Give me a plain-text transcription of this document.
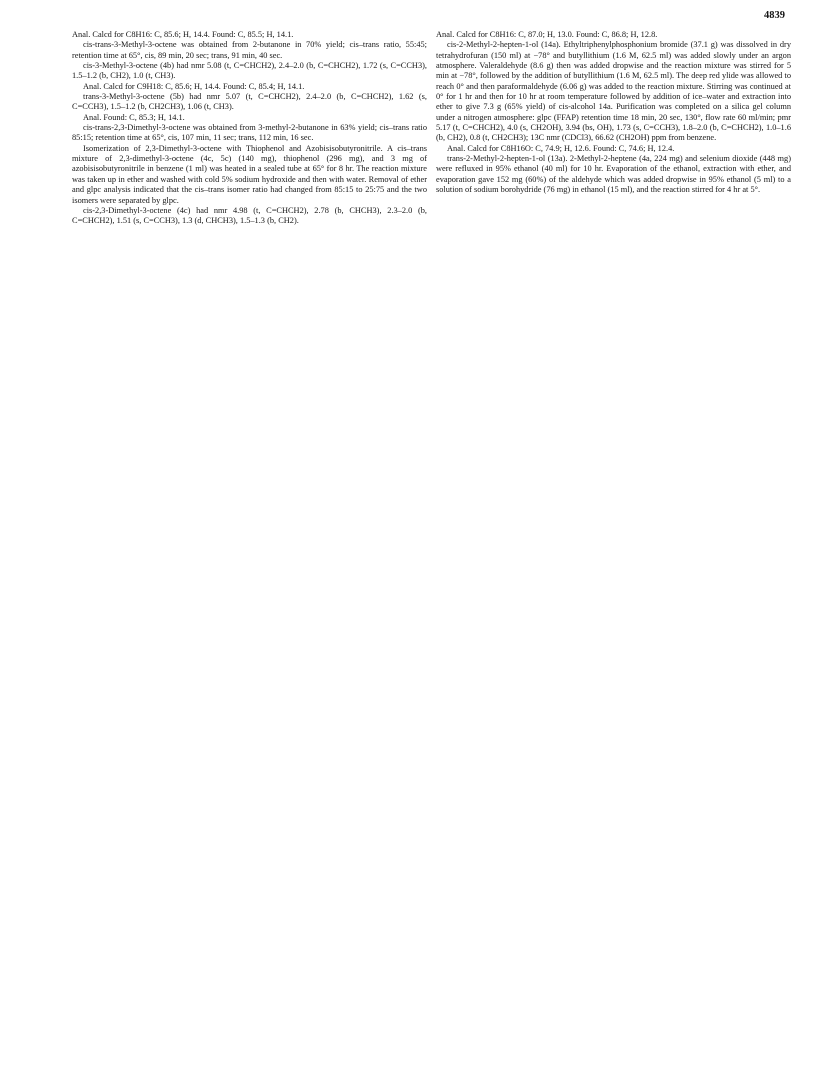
4839

Anal. Calcd for C8H16: C, 85.6; H, 14.4. Found: C, 85.5; H, 14.1.

cis-trans-3-Methyl-3-octene was obtained from 2-butanone in 70% yield; cis–trans ratio, 55:45; retention time at 65°, cis, 89 min, 20 sec; trans, 91 min, 40 sec.

cis-3-Methyl-3-octene (4b) had nmr 5.08 (t, C=CHCH2), 2.4–2.0 (b, C=CHCH2), 1.72 (s, C=CCH3), 1.5–1.2 (b, CH2), 1.0 (t, CH3).

Anal. Calcd for C9H18: C, 85.6; H, 14.4. Found: C, 85.4; H, 14.1.

trans-3-Methyl-3-octene (5b) had nmr 5.07 (t, C=CHCH2), 2.4–2.0 (b, C=CHCH2), 1.62 (s, C=CCH3), 1.5–1.2 (b, CH2CH3), 1.06 (t, CH3).

Anal. Found: C, 85.3; H, 14.1.

cis-trans-2,3-Dimethyl-3-octene was obtained from 3-methyl-2-butanone in 63% yield; cis–trans ratio 85:15; retention time at 65°, cis, 107 min, 11 sec; trans, 112 min, 16 sec.

Isomerization of 2,3-Dimethyl-3-octene with Thiophenol and Azobisisobutyronitrile. A cis–trans mixture of 2,3-dimethyl-3-octene (4c, 5c) (140 mg), thiophenol (296 mg), and 3 mg of azobisisobutyronitrile in benzene (1 ml) was heated in a sealed tube at 65° for 8 hr. The reaction mixture was taken up in ether and washed with cold 5% sodium hydroxide and then with water. Removal of ether and glpc analysis indicated that the cis–trans isomer ratio had changed from 85:15 to 25:75 and the two isomers were separated by glpc.

cis-2,3-Dimethyl-3-octene (4c) had nmr 4.98 (t, C=CHCH2), 2.78 (b, CHCH3), 2.3–2.0 (b, C=CHCH2), 1.51 (s, C=CCH3), 1.3 (d, CHCH3), 1.5–1.3 (b, CH2).

Anal. Calcd for C8H16: C, 87.0; H, 13.0. Found: C, 86.8; H, 12.8.

cis-2-Methyl-2-hepten-1-ol (14a). Ethyltriphenylphosphonium bromide (37.1 g) was dissolved in dry tetrahydrofuran (150 ml) at −78° and butyllithium (1.6 M, 62.5 ml) was added slowly under an argon atmosphere. Valeraldehyde (8.6 g) then was added dropwise and the reaction mixture was stirred for 5 min at −78°, followed by the addition of butyllithium (1.6 M, 62.5 ml). The deep red ylide was allowed to reach 0° and then paraformaldehyde (6.06 g) was added to the reaction mixture. Stirring was continued at 0° for 1 hr and then for 10 hr at room temperature followed by addition of ice–water and extraction into ether to give 7.3 g (65% yield) of cis-alcohol 14a. Purification was completed on a silica gel column under a nitrogen atmosphere: glpc (FFAP) retention time 18 min, 20 sec, 130°, flow rate 60 ml/min; pmr 5.17 (t, C=CHCH2), 4.0 (s, CH2OH), 3.94 (bs, OH), 1.73 (s, C=CCH3), 1.8–2.0 (b, C=CHCH2), 1.0–1.6 (b, CH2), 0.8 (t, CH2CH3); 13C nmr (CDCl3), 66.62 (CH2OH) ppm from benzene.

Anal. Calcd for C8H16O: C, 74.9; H, 12.6. Found: C, 74.6; H, 12.4.

trans-2-Methyl-2-hepten-1-ol (13a). 2-Methyl-2-heptene (4a, 224 mg) and selenium dioxide (448 mg) were refluxed in 95% ethanol (40 ml) for 10 hr. Evaporation of the ethanol, extraction with ether, and evaporation gave 152 mg (60%) of the aldehyde which was added dropwise in 95% ethanol (5 ml) to a solution of sodium borohydride (76 mg) in ethanol (15 ml), and the reaction stirred for 4 hr at 5°.
